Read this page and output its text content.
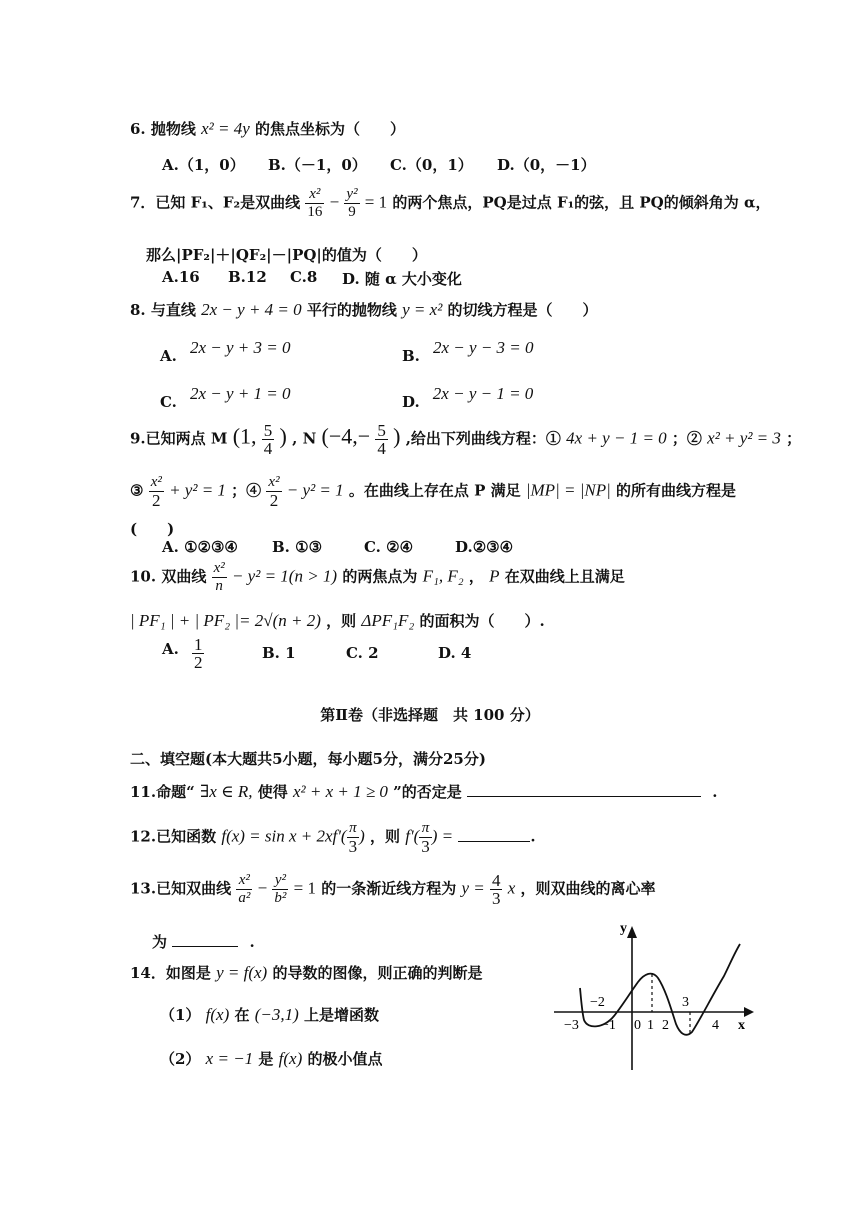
6. 抛物线 x² = 4y 的焦点坐标为（　　）
A.（1，0） B.（－1，0） C.（0，1） D.（0，－1）
7．已知 F₁、F₂是双曲线 $\frac{\text{x²}}{16} - \frac{\text{y²}}{9} = 1$ 的两个焦点，PQ是过点 F₁的弦，且 PQ的倾斜角为 α，
那么|PF₂|＋|QF₂|－|PQ|的值为（　　）
A.16 B.12 C.8 D. 随 α 大小变化
8. 与直线 2x − y + 4 = 0 平行的抛物线 y = x² 的切线方程是（　　）
A. 2x − y + 3 = 0	B. 2x − y − 3 = 0
C. 2x − y + 1 = 0	D. 2x − y − 1 = 0
9.已知两点 M (1, $\frac{5}{4}$ ) , N ($-4,- \frac{5}{4}$ ) ,给出下列曲线方程：① 4x + y − 1 = 0 ；② x² + y² = 3 ；
③ $\frac{\text{x²}}{2} + y^2 = 1$ ；④ $\frac{\text{x²}}{2} - y^2 = 1$ 。在曲线上存在点 P 满足 |MP| = |NP| 的所有曲线方程是
(　　)
A. ①②③④ B. ①③	C. ②④	D.②③④
10. 双曲线 $\frac{\text{x²}}{n} - y^2 = 1(n > 1)$ 的两焦点为 F₁, F₂ ， P 在双曲线上且满足
| PF₁ | + | PF₂ |= 2√(n + 2) ，则 ΔPF₁F₂ 的面积为（　　）.
A. $\frac{1}{2}$	B. 1	C. 2	D. 4
第Ⅱ卷（非选择题　共 100 分）
二、填空题(本大题共5小题，每小题5分，满分25分)
11.命题“ ∃x ∈ R, 使得 x² + x + 1 ≥ 0 ”的否定是	.
12.已知函数 $f(x) = \sin x + 2xf'( \frac{\pi}{3}$ ) ，则 $f'( \frac{\pi}{3}$ ) =	.
13.已知双曲线 $\frac{\text{x²}}{\text{a²}} - \frac{\text{y²}}{\text{b²}} = 1$ 的一条渐近线方程为 $y = \frac{4}{3}$ x ，则双曲线的离心率
为	.
14．如图是 y = f(x) 的导数的图像，则正确的判断是
（1） f(x) 在 (−3,1) 上是增函数
（2） x = −1 是 f(x) 的极小值点
y
x
−3
−2
−1 0 1 2
3
4
